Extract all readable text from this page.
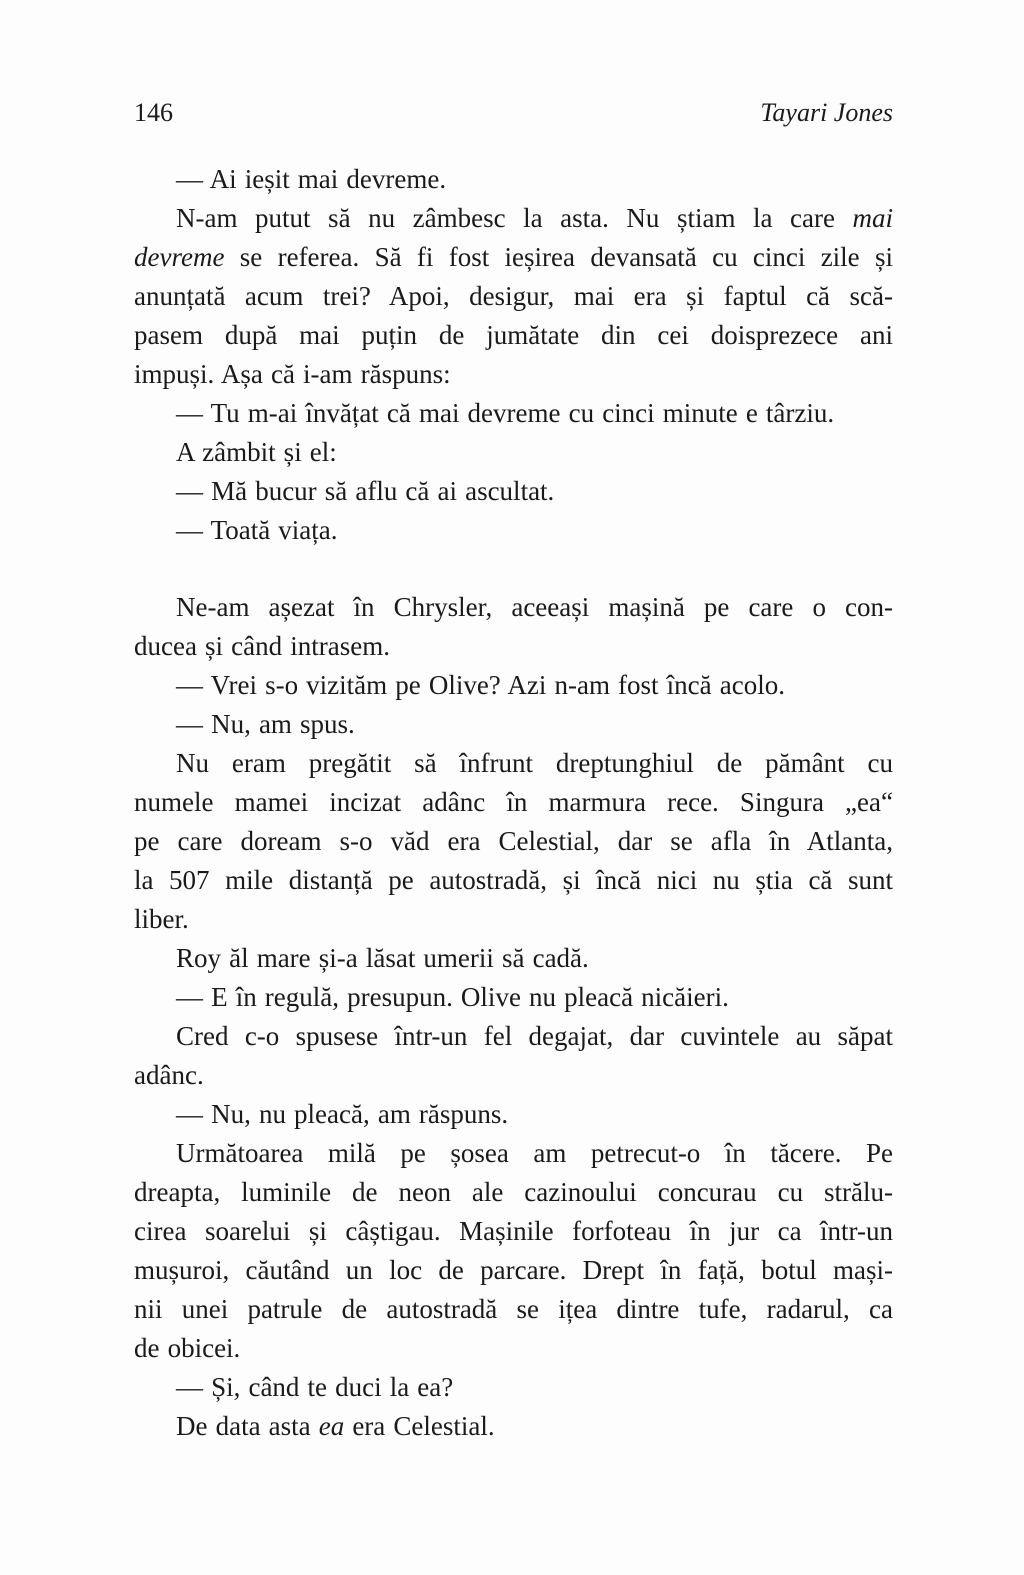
146	Tayari Jones
— Ai ieșit mai devreme.
N-am putut să nu zâmbesc la asta. Nu știam la care mai
devreme se referea. Să fi fost ieșirea devansată cu cinci zile și
anunțată acum trei? Apoi, desigur, mai era și faptul că scă-
pasem după mai puțin de jumătate din cei doisprezece ani
impuși. Așa că i-am răspuns:
— Tu m-ai învățat că mai devreme cu cinci minute e târziu.
A zâmbit și el:
— Mă bucur să aflu că ai ascultat.
— Toată viața.
Ne-am așezat în Chrysler, aceeași mașină pe care o con-
ducea și când intrasem.
— Vrei s-o vizităm pe Olive? Azi n-am fost încă acolo.
— Nu, am spus.
Nu eram pregătit să înfrunt dreptunghiul de pământ cu
numele mamei incizat adânc în marmura rece. Singura „ea“
pe care doream s-o văd era Celestial, dar se afla în Atlanta,
la 507 mile distanță pe autostradă, și încă nici nu știa că sunt
liber.
Roy ăl mare și-a lăsat umerii să cadă.
— E în regulă, presupun. Olive nu pleacă nicăieri.
Cred c-o spusese într-un fel degajat, dar cuvintele au săpat
adânc.
— Nu, nu pleacă, am răspuns.
Următoarea milă pe șosea am petrecut-o în tăcere. Pe
dreapta, luminile de neon ale cazinoului concurau cu strălu-
cirea soarelui și câștigau. Mașinile forfoteau în jur ca într-un
mușuroi, căutând un loc de parcare. Drept în față, botul mași-
nii unei patrule de autostradă se ițea dintre tufe, radarul, ca
de obicei.
— Și, când te duci la ea?
De data asta ea era Celestial.
